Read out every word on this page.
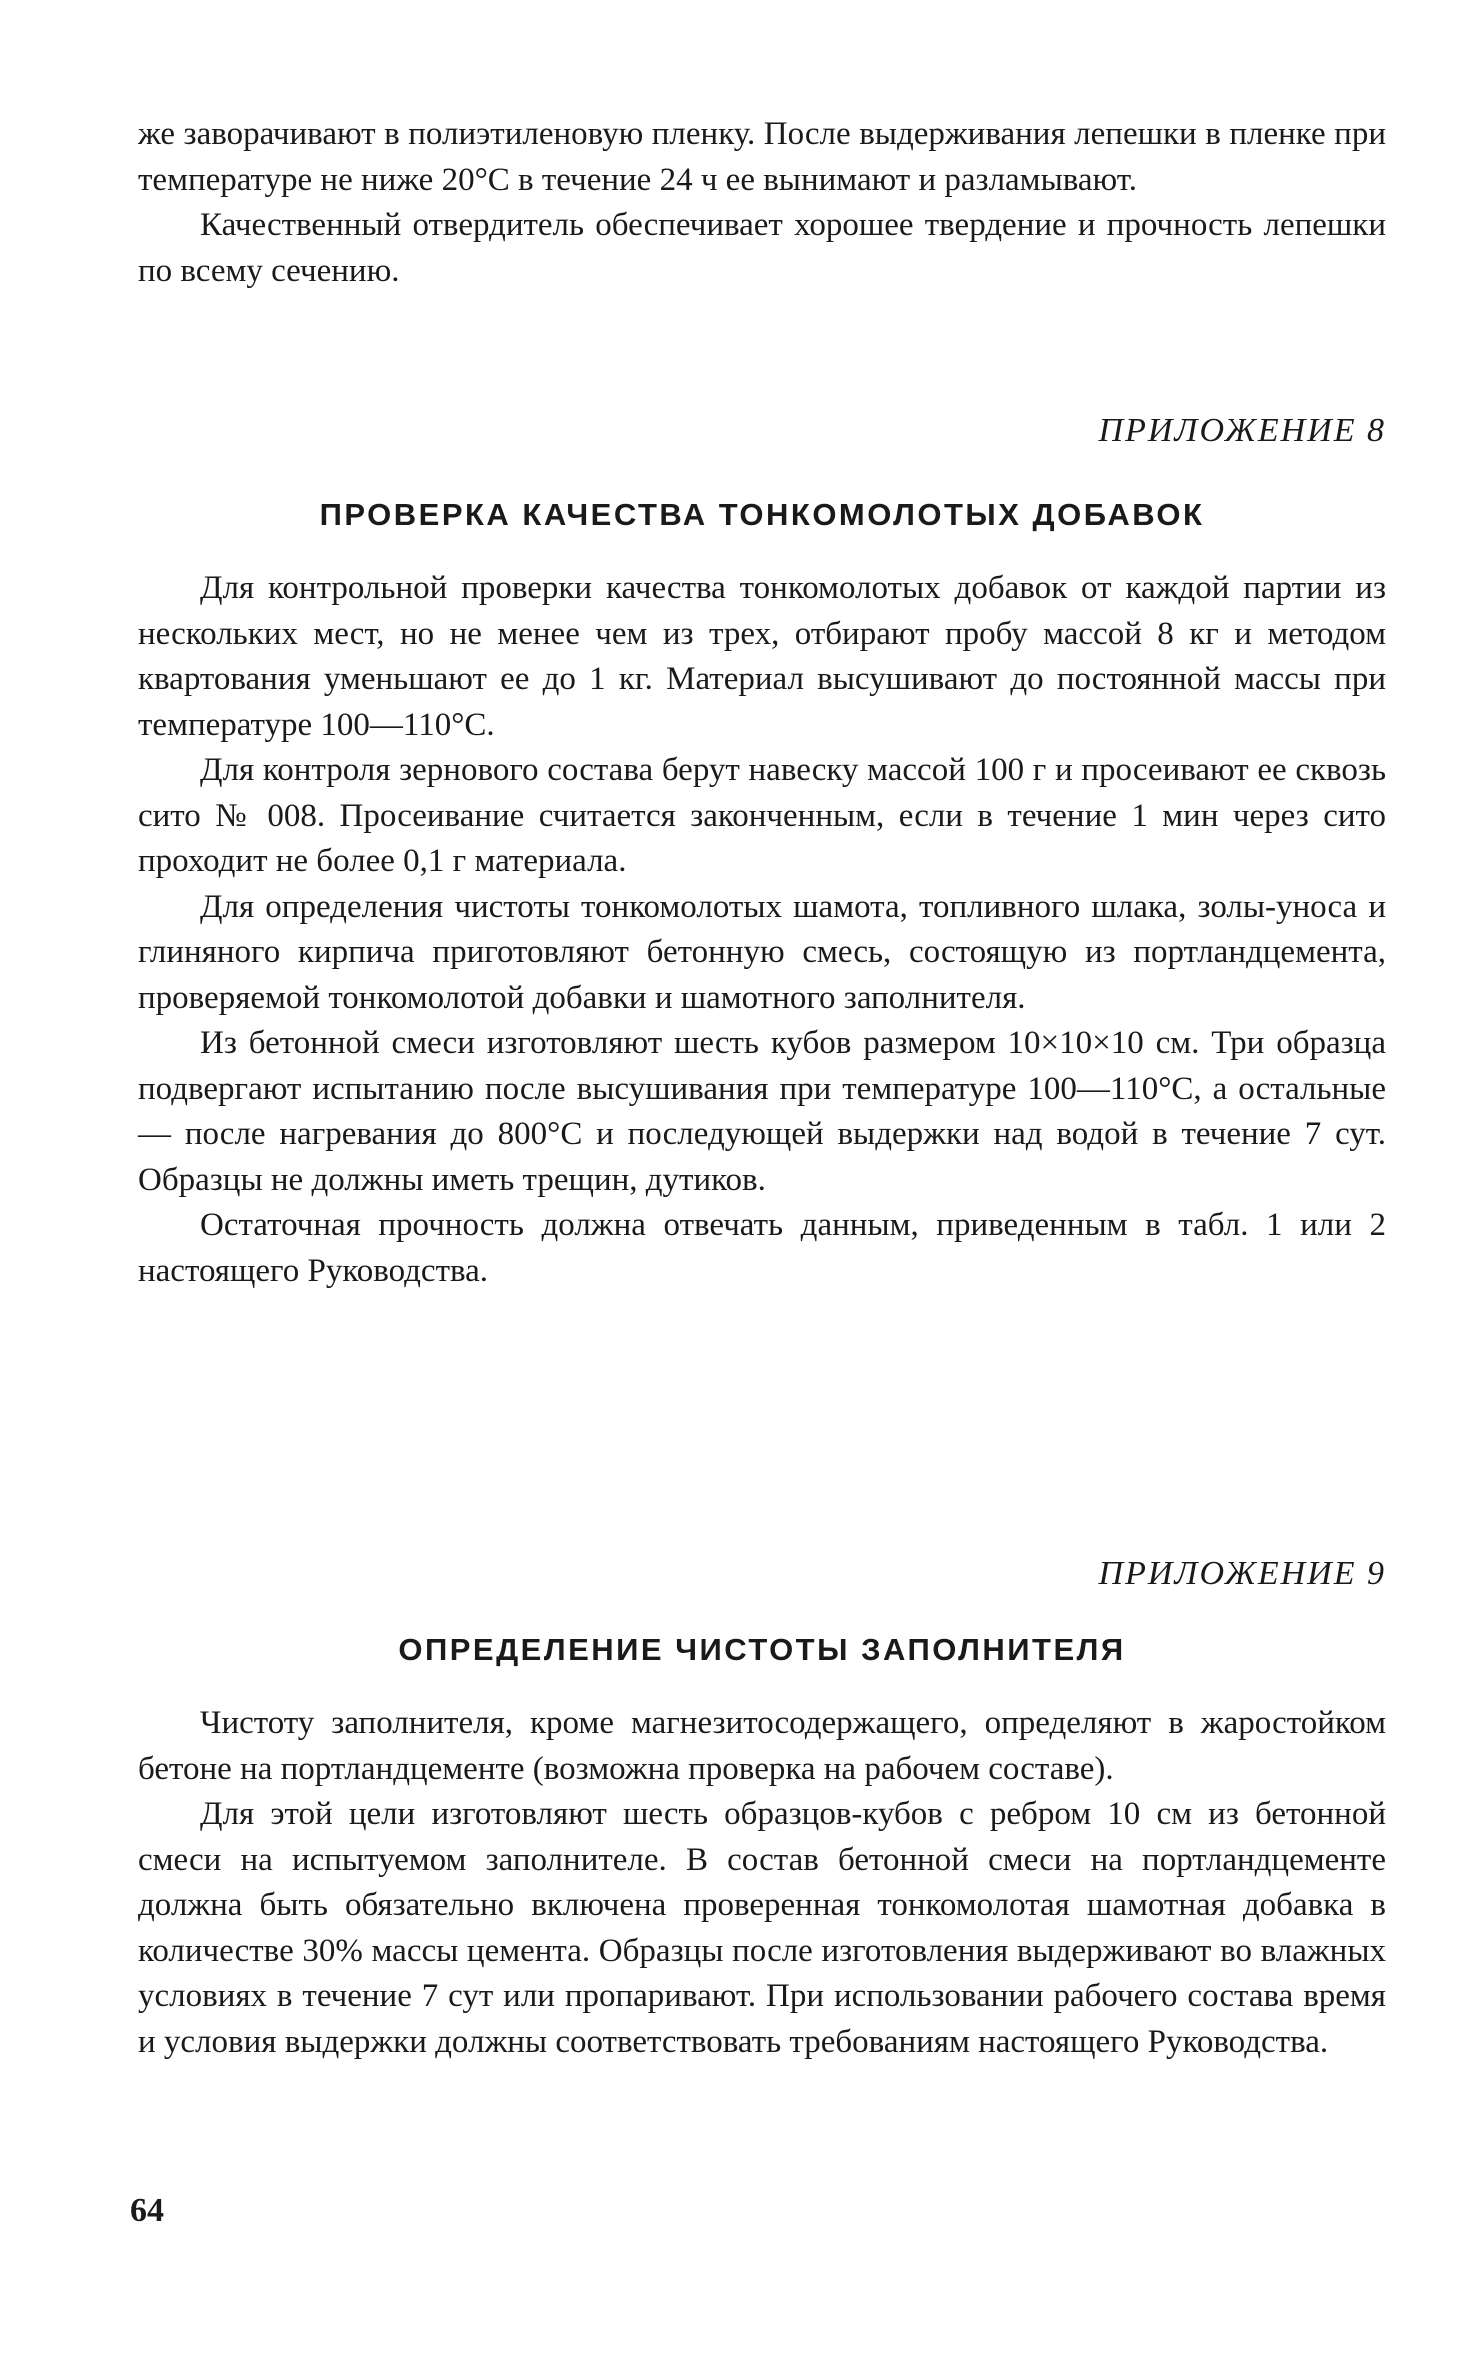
же заворачивают в полиэтиленовую пленку. После выдерживания лепешки в пленке при температуре не ниже 20°С в течение 24 ч ее вынимают и разламывают.

Качественный отвердитель обеспечивает хорошее твердение и прочность лепешки по всему сечению.

ПРИЛОЖЕНИЕ 8
ПРОВЕРКА КАЧЕСТВА ТОНКОМОЛОТЫХ ДОБАВОК

Для контрольной проверки качества тонкомолотых добавок от каждой партии из нескольких мест, но не менее чем из трех, отбирают пробу массой 8 кг и методом квартования уменьшают ее до 1 кг. Материал высушивают до постоянной массы при температуре 100—110°С.

Для контроля зернового состава берут навеску массой 100 г и просеивают ее сквозь сито № 008. Просеивание считается законченным, если в течение 1 мин через сито проходит не более 0,1 г материала.

Для определения чистоты тонкомолотых шамота, топливного шлака, золы-уноса и глиняного кирпича приготовляют бетонную смесь, состоящую из портландцемента, проверяемой тонкомолотой добавки и шамотного заполнителя.

Из бетонной смеси изготовляют шесть кубов размером 10×10×10 см. Три образца подвергают испытанию после высушивания при температуре 100—110°С, а остальные — после нагревания до 800°С и последующей выдержки над водой в течение 7 сут. Образцы не должны иметь трещин, дутиков.

Остаточная прочность должна отвечать данным, приведенным в табл. 1 или 2 настоящего Руководства.

ПРИЛОЖЕНИЕ 9
ОПРЕДЕЛЕНИЕ ЧИСТОТЫ ЗАПОЛНИТЕЛЯ

Чистоту заполнителя, кроме магнезитосодержащего, определяют в жаростойком бетоне на портландцементе (возможна проверка на рабочем составе).

Для этой цели изготовляют шесть образцов-кубов с ребром 10 см из бетонной смеси на испытуемом заполнителе. В состав бетонной смеси на портландцементе должна быть обязательно включена проверенная тонкомолотая шамотная добавка в количестве 30% массы цемента. Образцы после изготовления выдерживают во влажных условиях в течение 7 сут или пропаривают. При использовании рабочего состава время и условия выдержки должны соответствовать требованиям настоящего Руководства.

64
